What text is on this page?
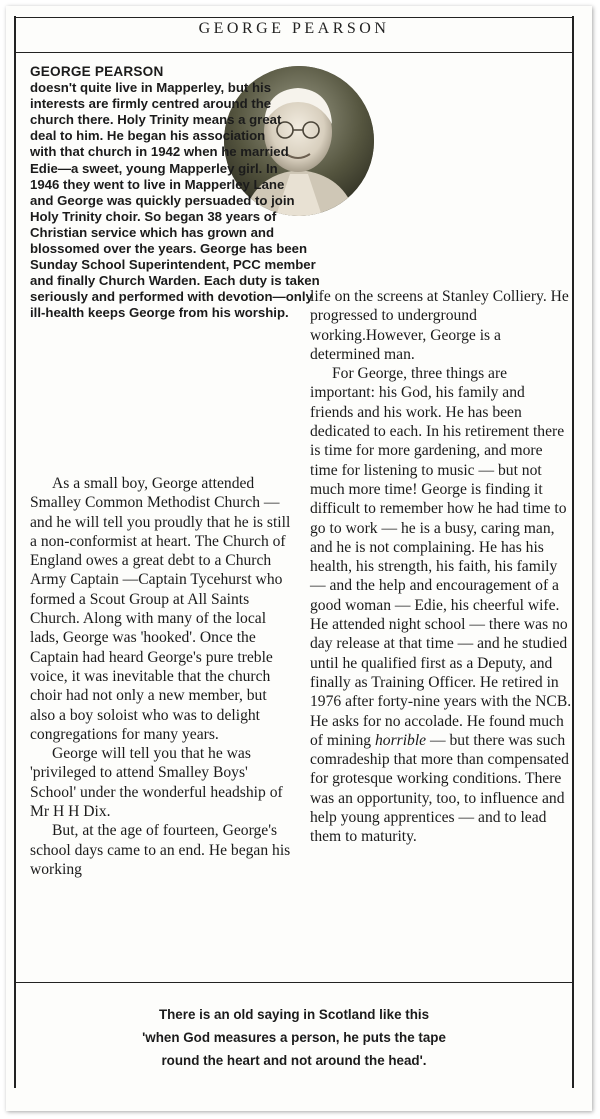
GEORGE PEARSON
GEORGE PEARSON
doesn't quite live in Mapperley, but his interests are firmly centred around the church there. Holy Trinity means a great deal to him. He began his association with that church in 1942 when he married Edie—a sweet, young Mapperley girl. In 1946 they went to live in Mapperley Lane and George was quickly persuaded to join Holy Trinity choir. So began 38 years of Christian service which has grown and blossomed over the years. George has been Sunday School Superintendent, PCC member and finally Church Warden. Each duty is taken seriously and performed with devotion—only ill-health keeps George from his worship.

As a small boy, George attended Smalley Common Methodist Church — and he will tell you proudly that he is still a non-conformist at heart. The Church of England owes a great debt to a Church Army Captain —Captain Tycehurst who formed a Scout Group at All Saints Church. Along with many of the local lads, George was 'hooked'. Once the Captain had heard George's pure treble voice, it was inevitable that the church choir had not only a new member, but also a boy soloist who was to delight congregations for many years.

George will tell you that he was 'privileged to attend Smalley Boys' School' under the wonderful headship of Mr H H Dix.

But, at the age of fourteen, George's school days came to an end. He began his working

life on the screens at Stanley Colliery. He progressed to underground working.However, George is a determined man.

For George, three things are important: his God, his family and friends and his work. He has been dedicated to each. In his retirement there is time for more gardening, and more time for listening to music — but not much more time! George is finding it difficult to remember how he had time to go to work — he is a busy, caring man, and he is not complaining. He has his health, his strength, his faith, his family — and the help and encouragement of a good woman — Edie, his cheerful wife.

He attended night school — there was no day release at that time — and he studied until he qualified first as a Deputy, and finally as Training Officer. He retired in 1976 after forty-nine years with the NCB. He asks for no accolade. He found much of mining horrible — but there was such comradeship that more than compensated for grotesque working conditions. There was an opportunity, too, to influence and help young apprentices — and to lead them to maturity.

There is an old saying in Scotland like this
'when God measures a person, he puts the tape
round the heart and not around the head'.
